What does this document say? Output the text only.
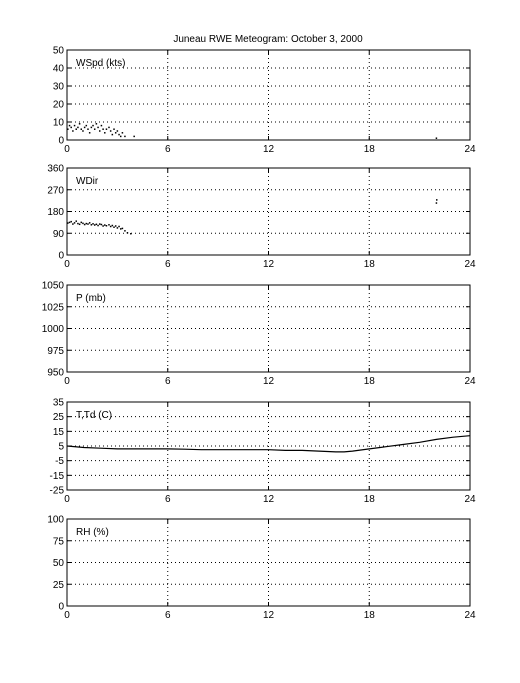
Juneau RWE Meteogram: October 3, 2000
0	6	12	18	24
0
10
20
30
40
50
WSpd (kts)
0	6	12	18	24
0
90
180
270
360
WDir
0	6	12	18	24
950
975
1000
1025
1050
P (mb)
0	6	12	18	24
-25
-15
-5
5
15
25
35
T,Td (C)
0	6	12	18	24
0
25
50
75
100
RH (%)
